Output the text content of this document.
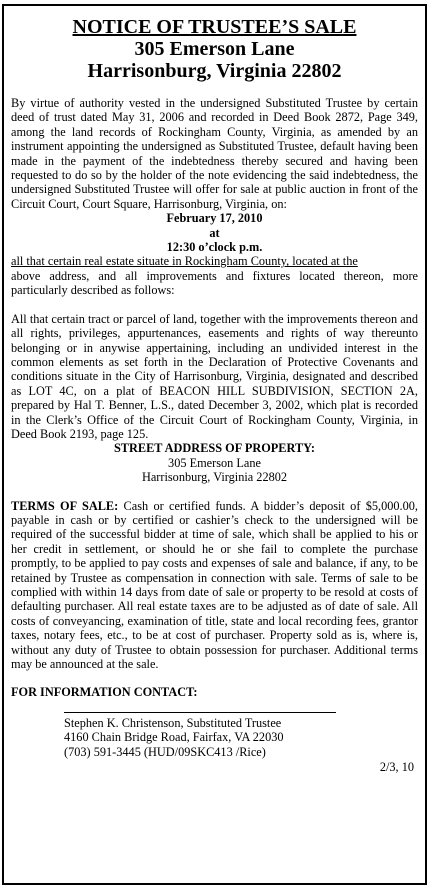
NOTICE OF TRUSTEE’S SALE

305 Emerson Lane

Harrisonburg, Virginia 22802

By virtue of authority vested in the undersigned Substituted Trustee by certain deed of trust dated May 31, 2006 and recorded in Deed Book 2872, Page 349, among the land records of Rockingham County, Virginia, as amended by an instrument appointing the undersigned as Substituted Trustee, default having been made in the payment of the indebtedness thereby secured and having been requested to do so by the holder of the note evidencing the said indebtedness, the undersigned Substituted Trustee will offer for sale at public auction in front of the Circuit Court, Court Square, Harrisonburg, Virginia, on:

February 17, 2010

at

12:30 o’clock p.m.

all that certain real estate situate in Rockingham County, located at the

above address, and all improvements and fixtures located thereon, more particularly described as follows:

All that certain tract or parcel of land, together with the improvements thereon and all rights, privileges, appurtenances, easements and rights of way thereunto belonging or in anywise appertaining, including an undivided interest in the common elements as set forth in the Declaration of Protective Covenants and conditions situate in the City of Harrisonburg, Virginia, designated and described as LOT 4C, on a plat of BEACON HILL SUBDIVISION, SECTION 2A, prepared by Hal T. Benner, L.S., dated December 3, 2002, which plat is recorded in the Clerk’s Office of the Circuit Court of Rockingham County, Virginia, in Deed Book 2193, page 125.

STREET ADDRESS OF PROPERTY:

305 Emerson Lane

Harrisonburg, Virginia 22802

TERMS OF SALE: Cash or certified funds. A bidder’s deposit of $5,000.00, payable in cash or by certified or cashier’s check to the undersigned will be required of the successful bidder at time of sale, which shall be applied to his or her credit in settlement, or should he or she fail to complete the purchase promptly, to be applied to pay costs and expenses of sale and balance, if any, to be retained by Trustee as compensation in connection with sale. Terms of sale to be complied with within 14 days from date of sale or property to be resold at costs of defaulting purchaser. All real estate taxes are to be adjusted as of date of sale. All costs of conveyancing, examination of title, state and local recording fees, grantor taxes, notary fees, etc., to be at cost of purchaser. Property sold as is, where is, without any duty of Trustee to obtain possession for purchaser. Additional terms may be announced at the sale.

FOR INFORMATION CONTACT:

Stephen K. Christenson, Substituted Trustee

4160 Chain Bridge Road, Fairfax, VA 22030

(703) 591-3445 (HUD/09SKC413 /Rice)

2/3, 10
